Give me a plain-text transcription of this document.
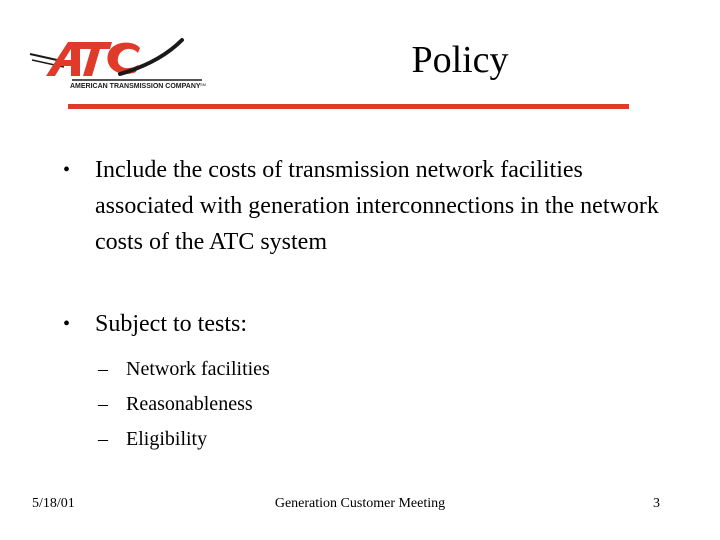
AMERICAN TRANSMISSION COMPANY SM
Policy

• Include the costs of transmission network facilities associated with generation interconnections in the network costs of the ATC system

• Subject to tests:

– Network facilities
– Reasonableness
– Eligibility
5/18/01	Generation Customer Meeting	3
